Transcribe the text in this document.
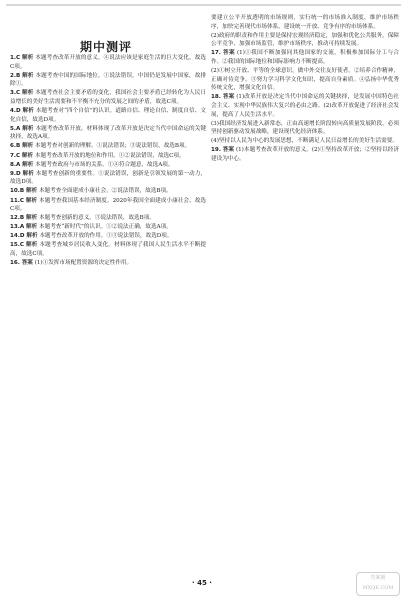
期中测评
1.C 解析 本题考查改革开放的意义。④说法应该是家庭生活的巨大变化，故选C项。
2.B 解析 本题考查中国的国际地位。①说法错误，中国仍是发展中国家，故排除①。
3.C 解析 本题考查社会主要矛盾的变化，我国社会主要矛盾已经转化为人民日益增长的美好生活需要和不平衡不充分的发展之间的矛盾，故选C项。
4.D 解析 本题考查对“四个自信”的认识。道路自信、理论自信、制度自信、文化自信，故选D项。
5.A 解析 本题考查改革开放。材料体现了改革开放是决定当代中国命运的关键抉择，故选A项。
6.B 解析 本题考查对创新的理解。①说法错误；③说法错误，故选B项。
7.C 解析 本题考查改革开放的地位和作用。①②说法错误，故选C项。
8.A 解析 本题考查政府与市场的关系。①④符合题意，故选A项。
9.D 解析 本题考查创新的重要性。①说法错误，创新是引领发展的第一动力，故选D项。
10.B 解析 本题考查全面建成小康社会。②说法错误，故选B项。
11.C 解析 本题考查我国基本经济制度。2020年我国全面建成小康社会，故选C项。
12.B 解析 本题考查创新的意义。③说法错误，故选B项。
13.A 解析 本题考查“新时代”的认识。①②说法正确，故选A项。
14.D 解析 本题考查改革开放的作用。①③说法错误，故选D项。
15.C 解析 本题考查城乡居民收入变化。材料体现了我国人民生活水平不断提高，故选C项。
16. 答案 (1)①发挥市场配置资源的决定性作用。
要建立公平开放透明的市场规则，实行统一的市场准入制度，维护市场秩序，加快完善现代市场体系，建设统一开放、竞争有序的市场体系。
(2)政府的职责和作用主要是保持宏观经济稳定，加强和优化公共服务，保障公平竞争，加强市场监管，维护市场秩序，推动可持续发展。
17. 答案 (1)①我国不断加强同其他国家的交流，积极参加国际分工与合作。②我国的国际地位和国际影响力不断提高。
(2)①树立开放、平等的全球意识，做中外交往友好使者。②培养合作精神，正确对待竞争。③努力学习科学文化知识，提高自身素质。④弘扬中华优秀传统文化，增强文化自信。
18. 答案 (1)改革开放是决定当代中国命运的关键抉择，是发展中国特色社会主义、实现中华民族伟大复兴的必由之路。(2)改革开放促进了经济社会发展，提高了人民生活水平。
(3)我国经济发展进入新常态，正由高速增长阶段转向高质量发展阶段，必须坚持创新驱动发展战略，建设现代化经济体系。
(4)坚持以人民为中心的发展思想，不断满足人民日益增长的美好生活需要。
19. 答案 (1)本题考查改革开放的意义。(2)①坚持改革开放；②坚持以经济建设为中心。
· 45 ·
答案圈
MXQE.COM
